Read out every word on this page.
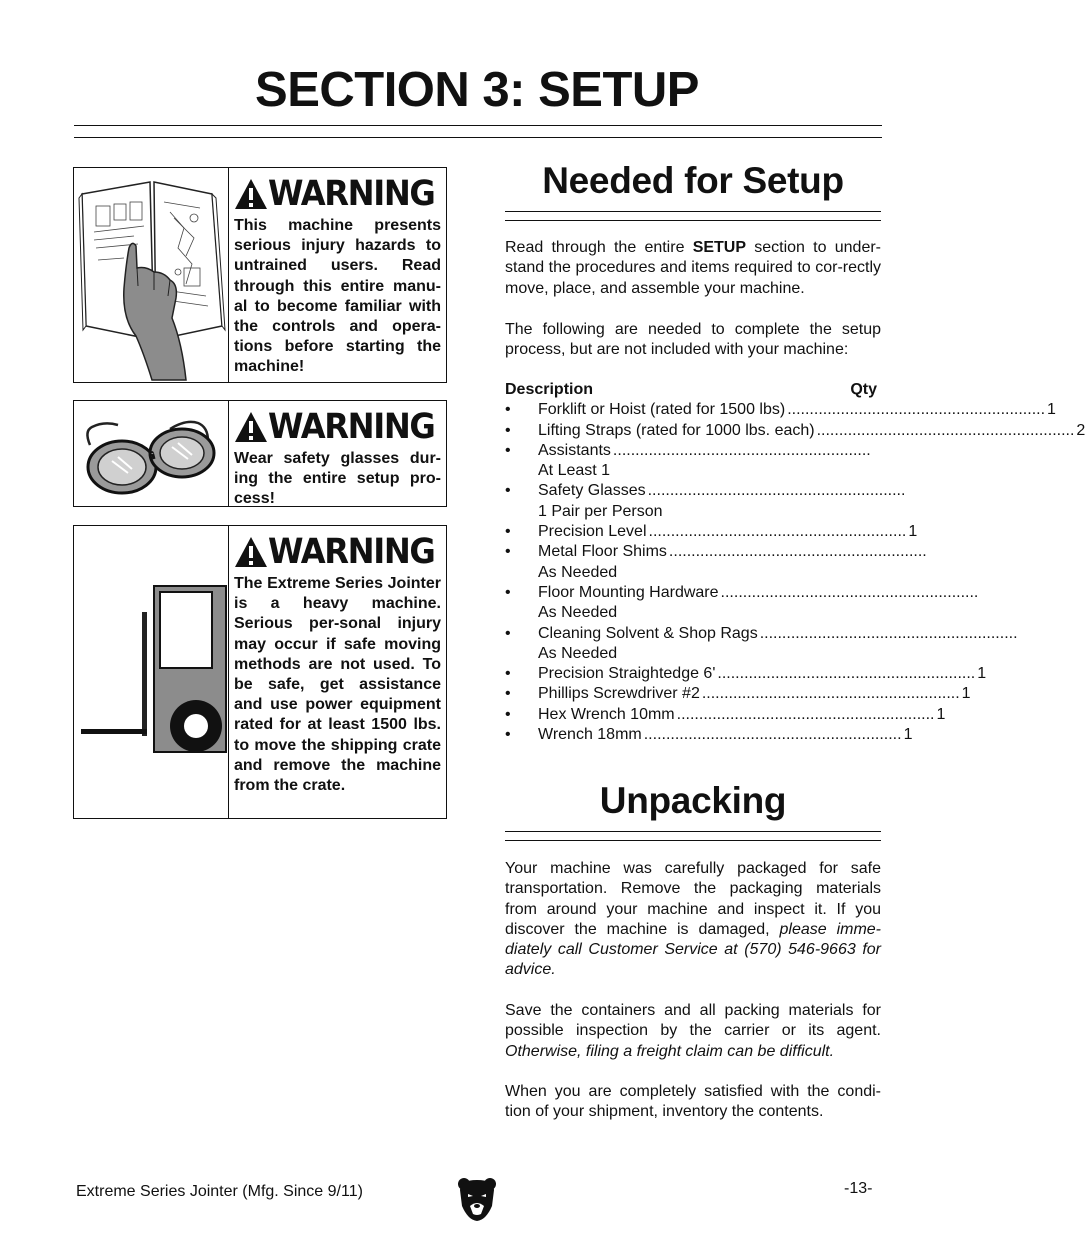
SECTION 3: SETUP
WARNING
This machine presents serious injury hazards to untrained users. Read through this entire manu-al to become familiar with the controls and opera-tions before starting the machine!
WARNING
Wear safety glasses dur-ing the entire setup pro-cess!
WARNING
The Extreme Series Jointer is a heavy machine. Serious per-sonal injury may occur if safe moving methods are not used. To be safe, get assistance and use power equipment rated for at least 1500 lbs. to move the shipping crate and remove the machine from the crate.
Needed for Setup
Read through the entire SETUP section to under-stand the procedures and items required to cor-rectly move, place, and assemble your machine.
The following are needed to complete the setup process, but are not included with your machine:
Description	Qty
• Forklift or Hoist (rated for 1500 lbs) .......................................................... 1
• Lifting Straps (rated for 1000 lbs. each) .......................................................... 2
• Assistants ..........................................................
At Least 1
• Safety Glasses ..........................................................
1 Pair per Person
• Precision Level .......................................................... 1
• Metal Floor Shims ..........................................................
As Needed
• Floor Mounting Hardware ..........................................................
As Needed
• Cleaning Solvent & Shop Rags ..........................................................
As Needed
• Precision Straightedge 6' .......................................................... 1
• Phillips Screwdriver #2 .......................................................... 1
• Hex Wrench 10mm .......................................................... 1
• Wrench 18mm .......................................................... 1
Unpacking
Your machine was carefully packaged for safe transportation. Remove the packaging materials from around your machine and inspect it. If you discover the machine is damaged, please imme-diately call Customer Service at (570) 546-9663 for advice.
Save the containers and all packing materials for possible inspection by the carrier or its agent. Otherwise, filing a freight claim can be difficult.
When you are completely satisfied with the condi-tion of your shipment, inventory the contents.
Extreme Series Jointer (Mfg. Since 9/11)	-13-
